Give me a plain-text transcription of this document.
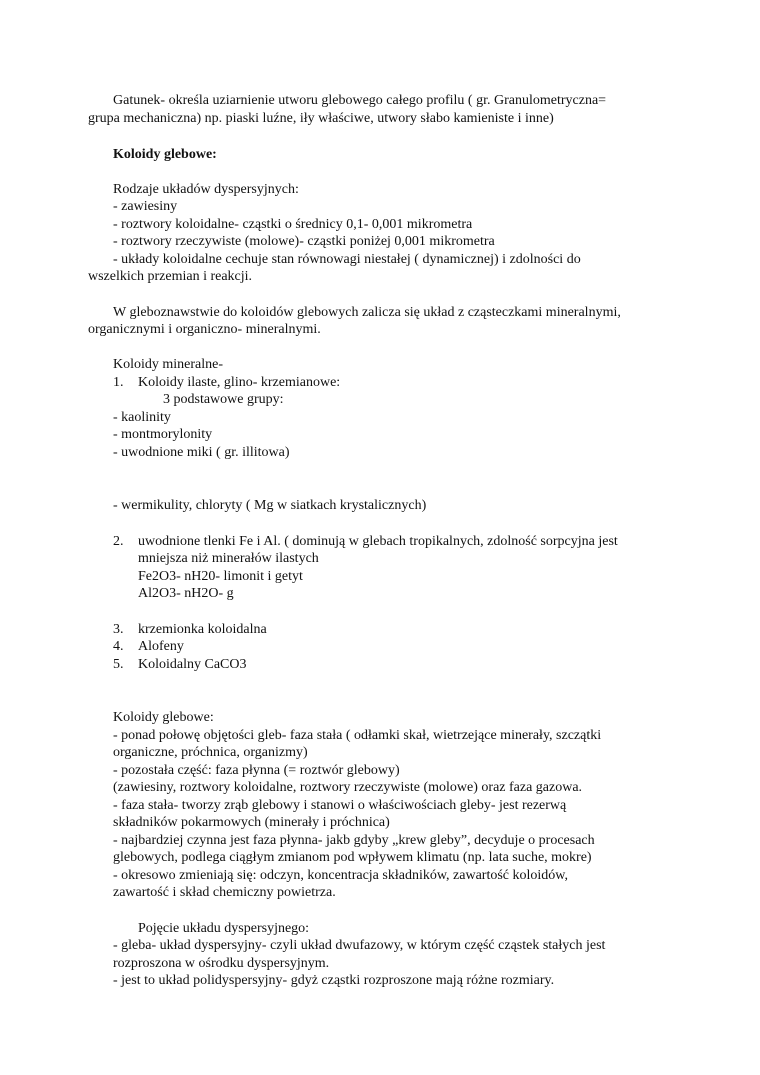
Gatunek- określa uziarnienie utworu glebowego całego profilu ( gr. Granulometryczna=
grupa mechaniczna) np. piaski luźne, iły właściwe, utwory słabo kamieniste i inne)
Koloidy glebowe:
Rodzaje układów dyspersyjnych:
- zawiesiny
- roztwory koloidalne- cząstki o średnicy 0,1- 0,001 mikrometra
- roztwory rzeczywiste (molowe)- cząstki poniżej 0,001 mikrometra
- układy koloidalne cechuje stan równowagi niestałej ( dynamicznej) i zdolności do
wszelkich przemian i reakcji.
W gleboznawstwie do koloidów glebowych zalicza się układ z cząsteczkami mineralnymi,
organicznymi i organiczno- mineralnymi.
Koloidy mineralne-
1. Koloidy ilaste, glino- krzemianowe:
3 podstawowe grupy:
- kaolinity
- montmorylonity
- uwodnione miki ( gr. illitowa)
- wermikulity, chloryty ( Mg w siatkach krystalicznych)
2. uwodnione tlenki Fe i Al. ( dominują w glebach tropikalnych, zdolność sorpcyjna jest
mniejsza niż minerałów ilastych
Fe2O3- nH20- limonit i getyt
Al2O3- nH2O- g
3. krzemionka koloidalna
4. Alofeny
5. Koloidalny CaCO3
Koloidy glebowe:
- ponad połowę objętości gleb- faza stała ( odłamki skał, wietrzejące minerały, szczątki
organiczne, próchnica, organizmy)
- pozostała część: faza płynna (= roztwór glebowy)
(zawiesiny, roztwory koloidalne, roztwory rzeczywiste (molowe) oraz faza gazowa.
- faza stała- tworzy zrąb glebowy i stanowi o właściwościach gleby- jest rezerwą
składników pokarmowych (minerały i próchnica)
- najbardziej czynna jest faza płynna- jakb gdyby „krew gleby”, decyduje o procesach
glebowych, podlega ciągłym zmianom pod wpływem klimatu (np. lata suche, mokre)
- okresowo zmieniają się: odczyn, koncentracja składników, zawartość koloidów,
zawartość i skład chemiczny powietrza.
Pojęcie układu dyspersyjnego:
- gleba- układ dyspersyjny- czyli układ dwufazowy, w którym część cząstek stałych jest
rozproszona w ośrodku dyspersyjnym.
- jest to układ polidyspersyjny- gdyż cząstki rozproszone mają różne rozmiary.
